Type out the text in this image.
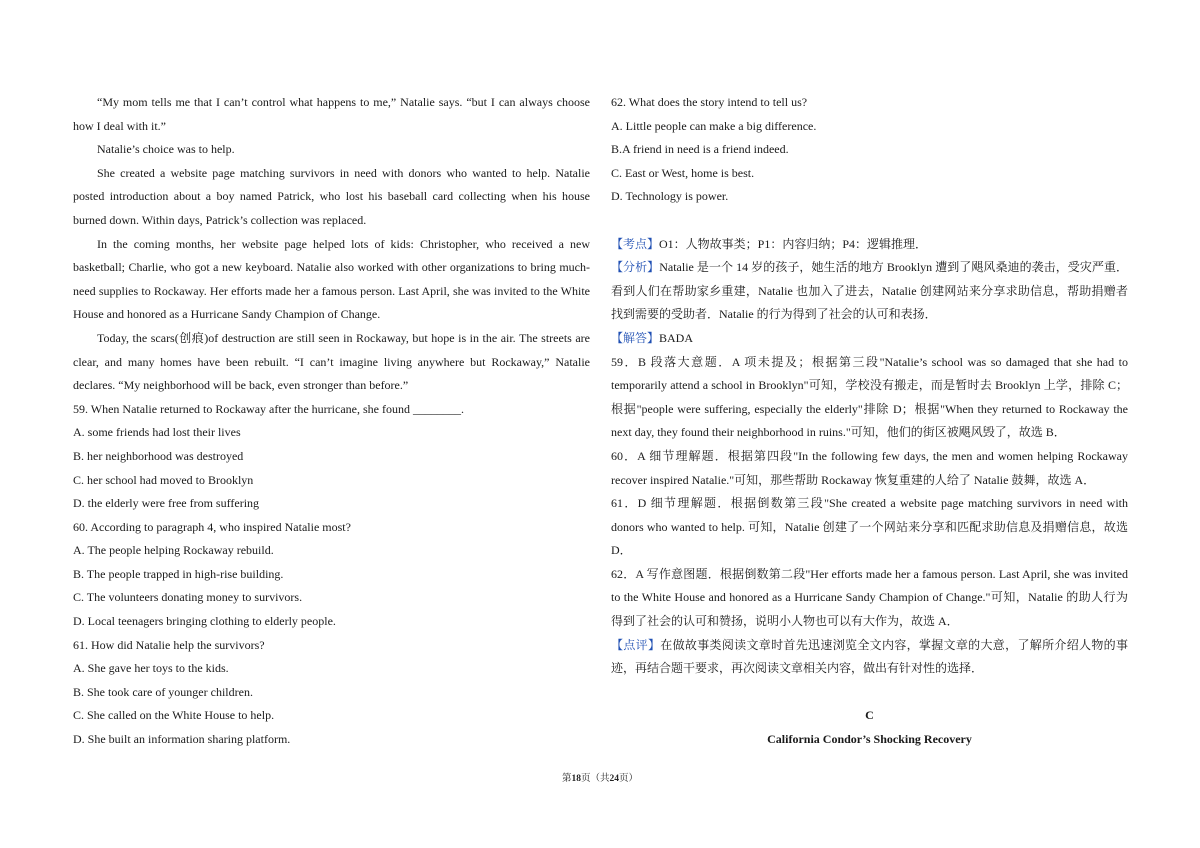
“My mom tells me that I can’t control what happens to me,” Natalie says. “but I can always choose how I deal with it.”

Natalie’s choice was to help.

She created a website page matching survivors in need with donors who wanted to help. Natalie posted introduction about a boy named Patrick, who lost his baseball card collecting when his house burned down. Within days, Patrick’s collection was replaced.

In the coming months, her website page helped lots of kids: Christopher, who received a new basketball; Charlie, who got a new keyboard. Natalie also worked with other organizations to bring much-need supplies to Rockaway. Her efforts made her a famous person. Last April, she was invited to the White House and honored as a Hurricane Sandy Champion of Change.

Today, the scars(创痕)of destruction are still seen in Rockaway, but hope is in the air. The streets are clear, and many homes have been rebuilt. “I can’t imagine living anywhere but Rockaway,” Natalie declares. “My neighborhood will be back, even stronger than before.”

59. When Natalie returned to Rockaway after the hurricane, she found ________.

A. some friends had lost their lives

B. her neighborhood was destroyed

C. her school had moved to Brooklyn

D. the elderly were free from suffering

60. According to paragraph 4, who inspired Natalie most?

A. The people helping Rockaway rebuild.

B. The people trapped in high-rise building.

C. The volunteers donating money to survivors.

D. Local teenagers bringing clothing to elderly people.

61. How did Natalie help the survivors?

A. She gave her toys to the kids.

B. She took care of younger children.

C. She called on the White House to help.

D. She built an information sharing platform.

62. What does the story intend to tell us?

A. Little people can make a big difference.

B.A friend in need is a friend indeed.

C. East or West, home is best.

D. Technology is power.

【考点】O1：人物故事类；P1：内容归纳；P4：逻辑推理．

【分析】Natalie 是一个 14 岁的孩子，她生活的地方 Brooklyn 遭到了飓风桑迪的袭击，受灾严重．看到人们在帮助家乡重建，Natalie 也加入了进去，Natalie 创建网站来分享求助信息，帮助捐赠者找到需要的受助者．Natalie 的行为得到了社会的认可和表扬．

【解答】BADA

59．B 段落大意题．A 项未提及；根据第三段"Natalie’s school was so damaged that she had to temporarily attend a school in Brooklyn"可知，学校没有搬走，而是暂时去 Brooklyn 上学，排除 C；根据"people were suffering, especially the elderly"排除 D；根据"When they returned to Rockaway the next day, they found their neighborhood in ruins."可知，他们的街区被飓风毁了，故选 B．

60．A 细节理解题．根据第四段"In the following few days, the men and women helping Rockaway recover inspired Natalie."可知，那些帮助 Rockaway 恢复重建的人给了 Natalie 鼓舞，故选 A．

61．D 细节理解题．根据倒数第三段"She created a website page matching survivors in need with donors who wanted to help. 可知，Natalie 创建了一个网站来分享和匹配求助信息及捐赠信息，故选 D．

62．A 写作意图题．根据倒数第二段"Her efforts made her a famous person. Last April, she was invited to the White House and honored as a Hurricane Sandy Champion of Change."可知，Natalie 的助人行为得到了社会的认可和赞扬，说明小人物也可以有大作为，故选 A．

【点评】在做故事类阅读文章时首先迅速浏览全文内容，掌握文章的大意，了解所介绍人物的事迹，再结合题干要求，再次阅读文章相关内容，做出有针对性的选择．

C

California Condor’s Shocking Recovery

第18页（共24页）
